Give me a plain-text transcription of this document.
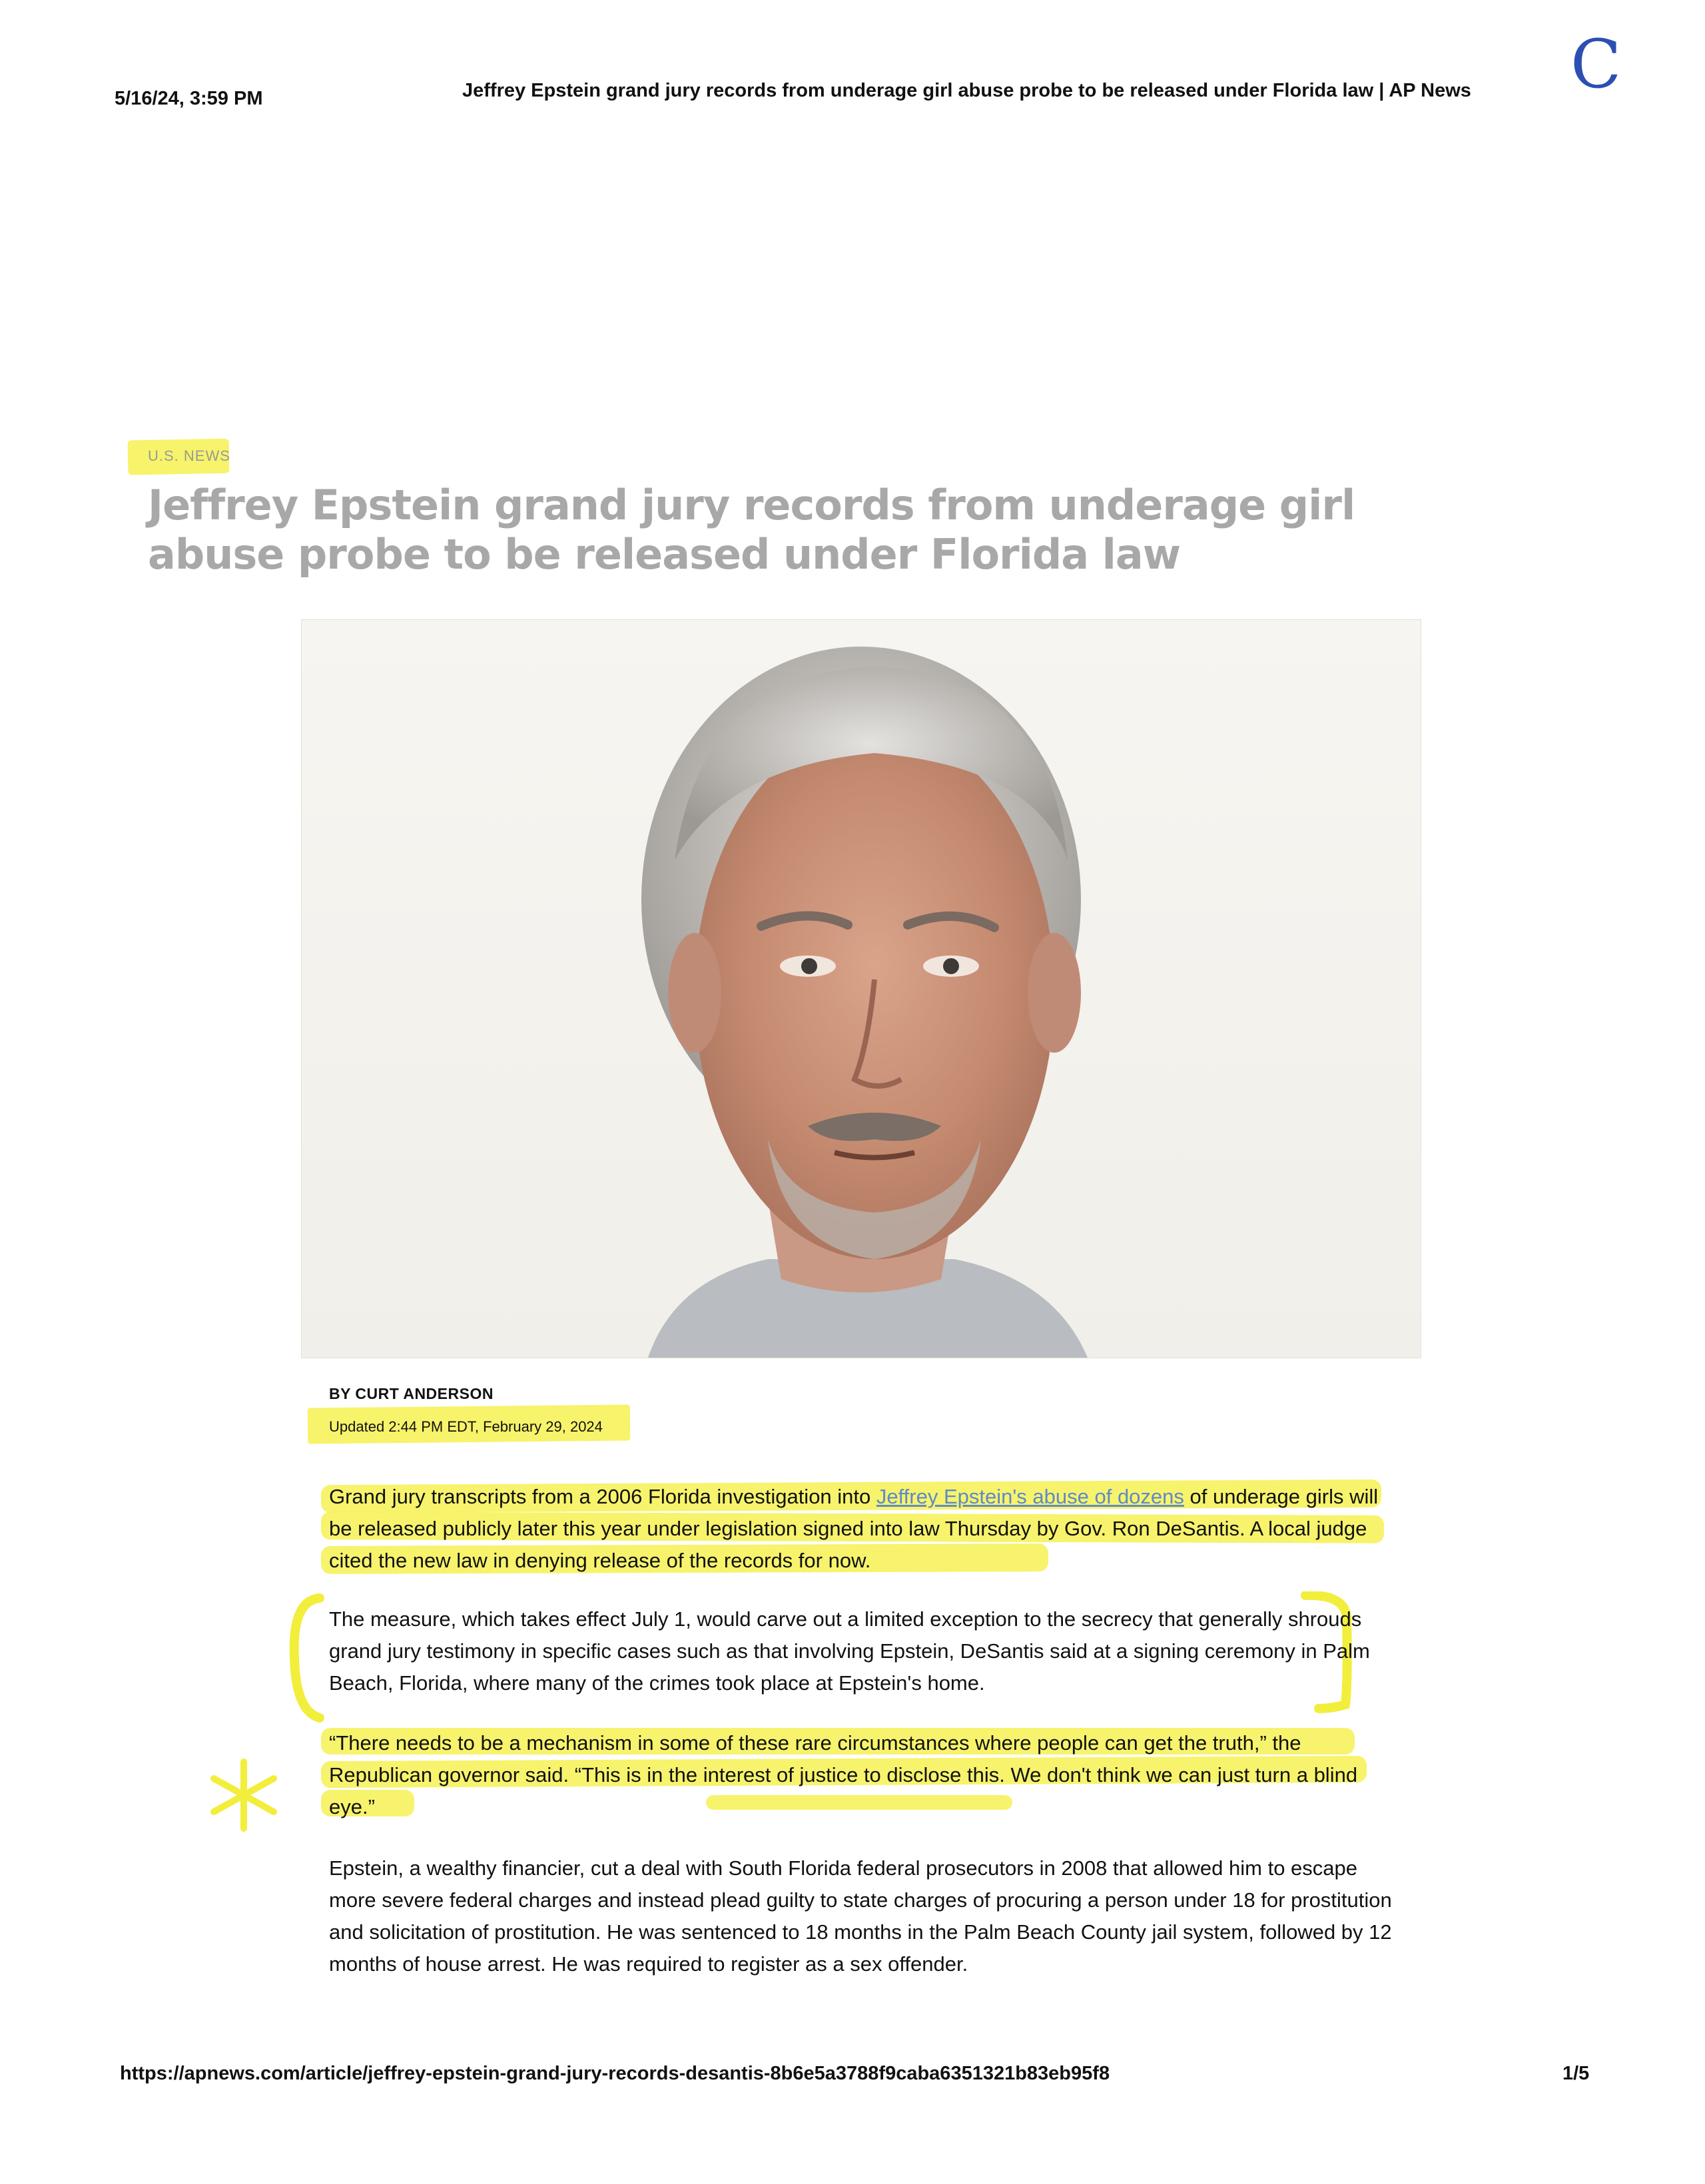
5/16/24, 3:59 PM	Jeffrey Epstein grand jury records from underage girl abuse probe to be released under Florida law | AP News C
U.S. NEWS
Jeffrey Epstein grand jury records from underage girl abuse probe to be released under Florida law
BY CURT ANDERSON
Updated 2:44 PM EDT, February 29, 2024
Grand jury transcripts from a 2006 Florida investigation into Jeffrey Epstein's abuse of dozens of underage girls will be released publicly later this year under legislation signed into law Thursday by Gov. Ron DeSantis. A local judge cited the new law in denying release of the records for now.
The measure, which takes effect July 1, would carve out a limited exception to the secrecy that generally shrouds grand jury testimony in specific cases such as that involving Epstein, DeSantis said at a signing ceremony in Palm Beach, Florida, where many of the crimes took place at Epstein's home.
“There needs to be a mechanism in some of these rare circumstances where people can get the truth,” the Republican governor said. “This is in the interest of justice to disclose this. We don't think we can just turn a blind eye.”
Epstein, a wealthy financier, cut a deal with South Florida federal prosecutors in 2008 that allowed him to escape more severe federal charges and instead plead guilty to state charges of procuring a person under 18 for prostitution and solicitation of prostitution. He was sentenced to 18 months in the Palm Beach County jail system, followed by 12 months of house arrest. He was required to register as a sex offender.
https://apnews.com/article/jeffrey-epstein-grand-jury-records-desantis-8b6e5a3788f9caba6351321b83eb95f8	1/5
